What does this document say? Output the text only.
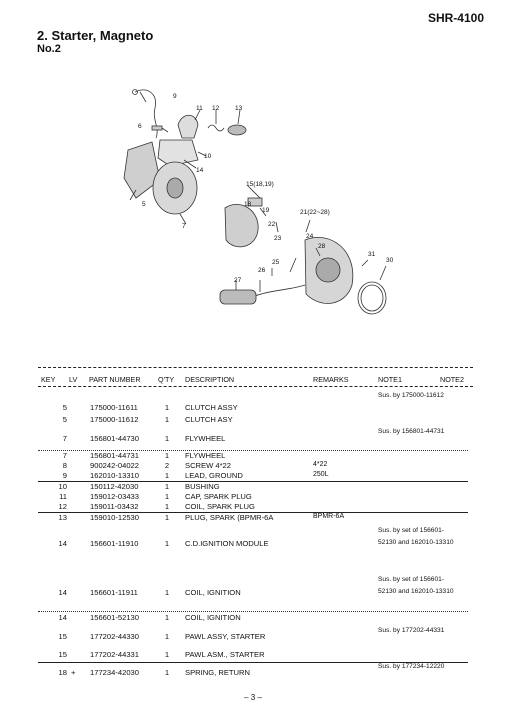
SHR-4100
2. Starter, Magneto
No.2
9
6
11 12 13
10
14
5
7
15(18,19)
18
19	21(22~28)
22
24
28
25
26
27
31
30
23
KEY LV PART NUMBER Q'TY DESCRIPTION	REMARKS	NOTE1	NOTE2
5	175000-11611	1	CLUTCH ASSY
Sus. by 175000-11612
5	175000-11612	1	CLUTCH ASY
7	156801-44730	1	FLYWHEEL
Sus. by 156801-44731
7	156801-44731	1	FLYWHEEL
8	900242-04022	2	SCREW 4*22	4*22
9	162010-13310	1	LEAD, GROUND	250L
10	150112-42030	1	BUSHING
11	159012-03433	1	CAP, SPARK PLUG
12	159011-03432	1	COIL, SPARK PLUG
13	159010-12530	1	PLUG, SPARK (BPMR-6A	BPMR-6A
14	156601-11910	1	C.D.IGNITION MODULE
Sus. by set of 156601-52130 and 162010-13310
14	156601-11911	1	COIL, IGNITION
Sus. by set of 156601-52130 and 162010-13310
14	156601-52130	1	COIL, IGNITION
15	177202-44330	1	PAWL ASSY, STARTER
Sus. by 177202-44331
15	177202-44331	1	PAWL ASM., STARTER
18 + 177234-42030	1	SPRING, RETURN
Sus. by 177234-12220
– 3 –
